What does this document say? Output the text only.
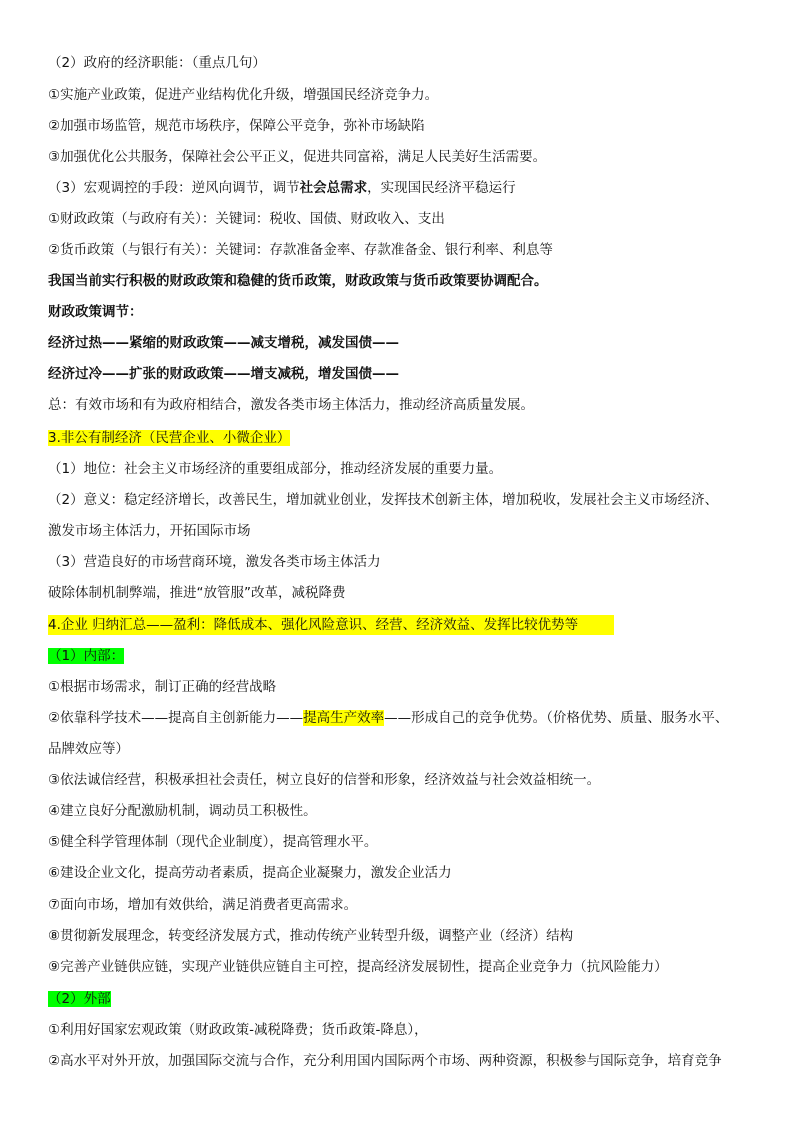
（2）政府的经济职能：（重点几句）
①实施产业政策，促进产业结构优化升级，增强国民经济竞争力。
②加强市场监管，规范市场秩序，保障公平竞争，弥补市场缺陷
③加强优化公共服务，保障社会公平正义，促进共同富裕，满足人民美好生活需要。
（3）宏观调控的手段：逆风向调节，调节社会总需求，实现国民经济平稳运行
①财政政策（与政府有关）：关键词：税收、国债、财政收入、支出
②货币政策（与银行有关）：关键词：存款准备金率、存款准备金、银行利率、利息等
我国当前实行积极的财政政策和稳健的货币政策，财政政策与货币政策要协调配合。
财政政策调节：
经济过热——紧缩的财政政策——减支增税，减发国债——
经济过冷——扩张的财政政策——增支减税，增发国债——
总：有效市场和有为政府相结合，激发各类市场主体活力，推动经济高质量发展。
3.非公有制经济（民营企业、小微企业）
（1）地位：社会主义市场经济的重要组成部分，推动经济发展的重要力量。
（2）意义：稳定经济增长，改善民生，增加就业创业，发挥技术创新主体，增加税收，发展社会主义市场经济、
激发市场主体活力，开拓国际市场
（3）营造良好的市场营商环境，激发各类市场主体活力
破除体制机制弊端，推进“放管服”改革，减税降费
4.企业 归纳汇总——盈利：降低成本、强化风险意识、经营、经济效益、发挥比较优势等
（1）内部：
①根据市场需求，制订正确的经营战略
②依靠科学技术——提高自主创新能力——提高生产效率——形成自己的竞争优势。（价格优势、质量、服务水平、
品牌效应等）
③依法诚信经营，积极承担社会责任，树立良好的信誉和形象，经济效益与社会效益相统一。
④建立良好分配激励机制，调动员工积极性。
⑤健全科学管理体制（现代企业制度），提高管理水平。
⑥建设企业文化，提高劳动者素质，提高企业凝聚力，激发企业活力
⑦面向市场，增加有效供给，满足消费者更高需求。
⑧贯彻新发展理念，转变经济发展方式，推动传统产业转型升级，调整产业（经济）结构
⑨完善产业链供应链，实现产业链供应链自主可控，提高经济发展韧性，提高企业竞争力（抗风险能力）
（2）外部
①利用好国家宏观政策（财政政策-减税降费；货币政策-降息），
②高水平对外开放，加强国际交流与合作，充分利用国内国际两个市场、两种资源，积极参与国际竞争，培育竞争
